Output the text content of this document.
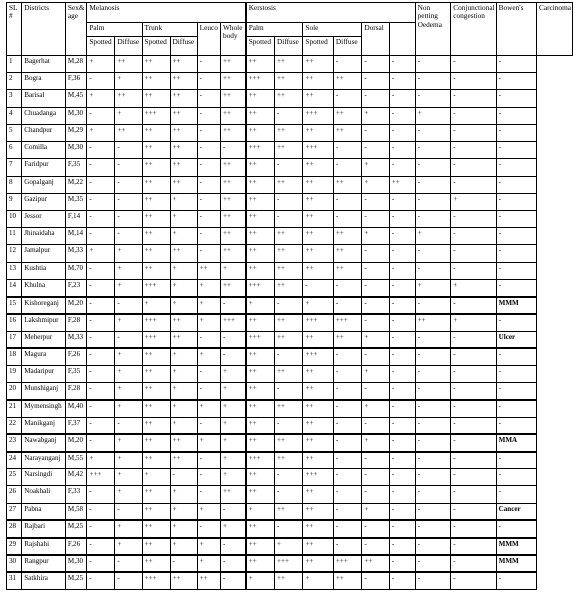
SL #	Districts	Sex& age	Melanosis						Kerstosis						Non petting Oedema	Conjunctional congestion	Bowen's	Carcinoma
			Palm		Trunk		Leuco	Whole body	Palm		Sole		Dorsal					
			Spotted	Diffuse	Spotted	Diffuse			Spotted	Diffuse	Spotted	Diffuse						
1	Bagerhat	M,28	+	++	++	++	-	++	++	++	++	-	-	-	-	-	-	
2	Bogra	F,36	-	+	++	++	-	++	+++	++	++	++	-	-	-	-	-	
3	Barisal	M,45	+	++	++	++	-	++	++	++	++	-	-	-	-	-	-	
4	Chuadanga	M,30	-	+	+++	++	-	++	++	-	+++	++	+	-	+	-	-	
5	Chandpur	M,29	+	++	++	++	-	++	++	++	++	++	-	-	-	-	-	
6	Comilla	M,30	-	-	++	++	-	-	+++	++	+++	-	-	-	-	-	-	
7	Faridpur	F,35	-	-	++	++	-	++	++	-	++	-	+	-	-	-	-	
8	Gopalganj	M,22	-	-	++	++	-	++	++	++	++	++	+	++	-	-	-	
9	Gazipur	M,35	-	-	++	+	-	++	++	-	++	-	-	-	-	+	-	
10	Jessor	F,14	-	-	++	+	-	++	++	-	++	-	-	-	-	-	-	
11	Jhinaidaha	M,14	-	-	++	+	-	++	++	++	++	++	+	-	+	-	-	
12	Jamalpur	M,33	+	+	++	++	-	++	++	++	++	++	-	-	-	-	-	
13	Kushtia	M,70	-	+	++	+	++	+	++	++	++	++	-	-	-	-	-	
14	Khulna	F,23	-	+	+++	+	+	++	+++	++	-	-	-	-	+	+	-	
15	Kishoreganj	M,20	-	-	+	+	+	-	+	-	+	-	-	-	-	-	MMM	
16	Lakshmipur	F,28	-	+	+++	++	+	+++	++	++	+++	+++	-	-	++	+	-	
17	Meherpur	M,33	-	-	+++	++	-	-	+++	++	++	++	+	-	-	-	Ulcer	
18	Magura	F,26	-	+	++	+	+	-	++	-	+++	-	-	-	-	-	-	
19	Madaripur	F,35	-	+	++	+	-	+	++	++	++	-	+	-	-	-	-	
20	Munshiganj	F,28	-	+	++	+	-	+	++	-	++	-	-	-	-	-	-	
21	Mymensingh	M,40	-	+	++	+	+	+	++	++	++	-	+	-	-	-	-	
22	Manikganj	F,37	-	-	++	+	-	+	++	-	++	-	-	-	-	-	-	
23	Nawabganj	M,20	-	+	++	++	+	+	++	++	++	-	+	-	-	-	MMA	
24	Narayanganj	M,55	+	+	++	++	-	+	+++	++	++	-	-	-	-	-	-	
25	Narsingdi	M,42	+++	+	+	-	-	+	++	-	+++	-	-	-	-	-	-	
26	Noakhali	F,33	-	+	++	+	-	++	++	-	++	-	-	-	-	-	-	
27	Pabna	M,58	-	-	++	+	+	-	+	++	++	-	+	-	-	-	Cancer	
28	Rajbari	M,25	-	+	++	+	-	+	++	-	++	-	-	-	-	-	-	
29	Rajshahi	F,26	-	+	++	+	+	-	++	+	++	-	-	-	-	-	MMM	
30	Rangpur	M,30	-	-	++	-	+	-	++	+++	++	+++	++	-	-	-	MMM	
31	Satkhira	M,25	-	-	+++	++	++	-	+	++	+	++	-	-	-	-	-	
